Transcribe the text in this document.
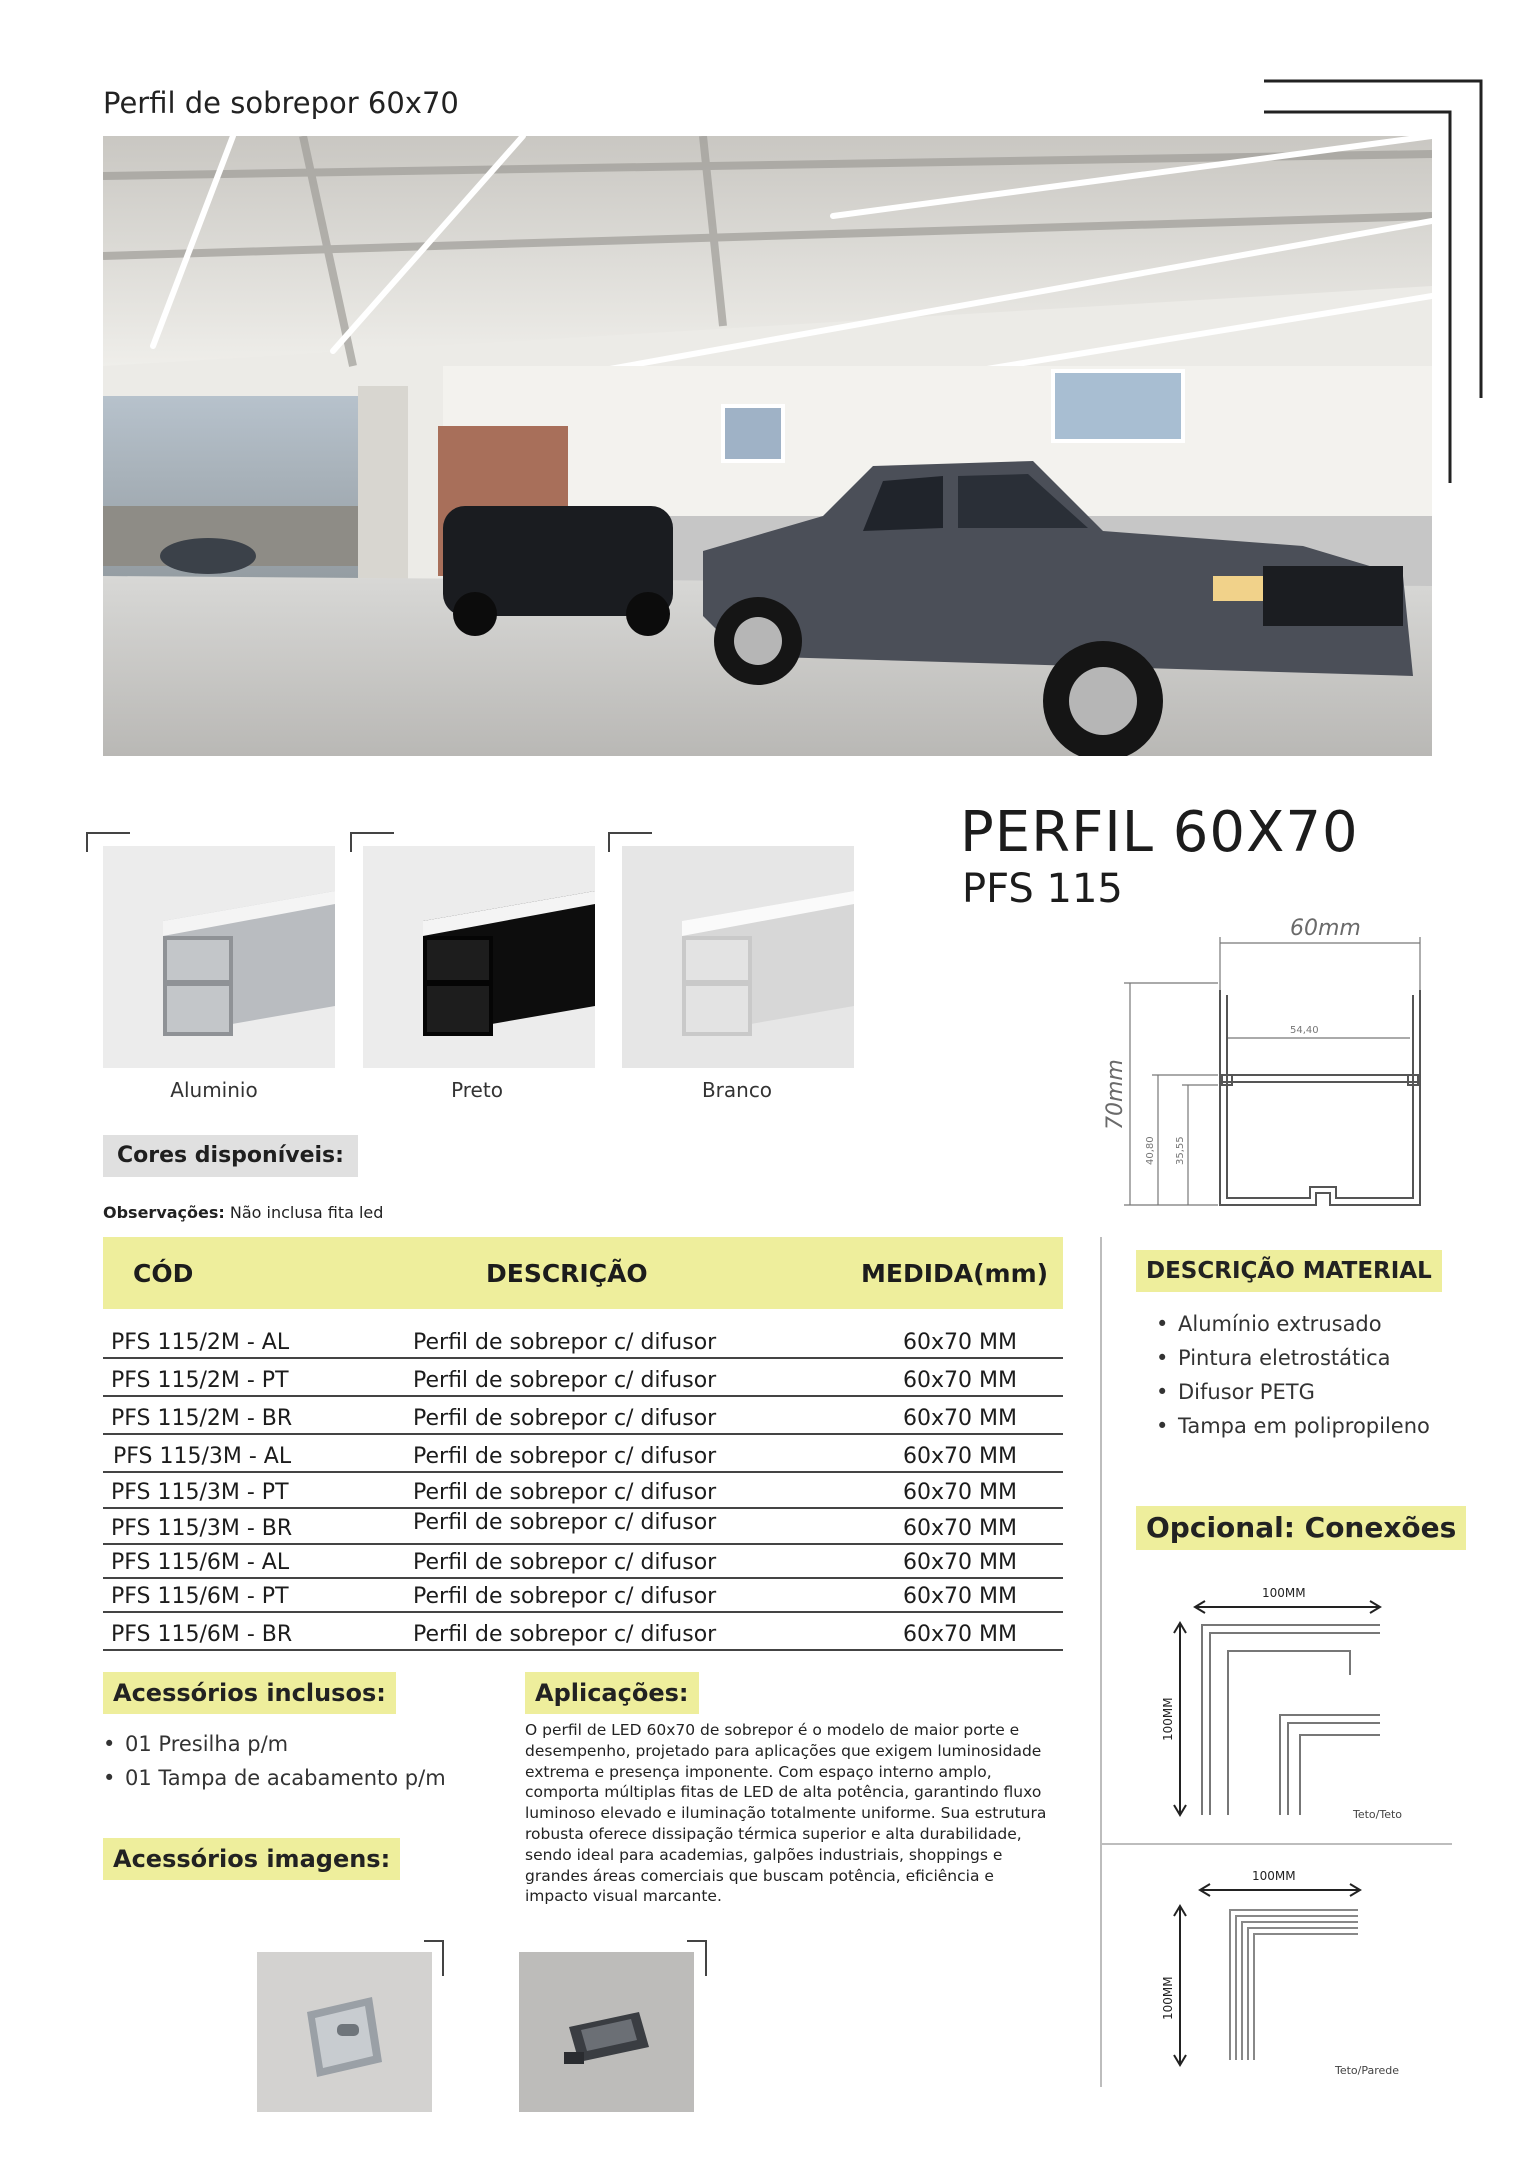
Perfil de sobrepor 60x70
Aluminio	Preto	Branco
Cores disponíveis:
Observações: Não inclusa fita led
PERFIL 60X70
PFS 115
60mm
54,40
70mm
40,80 35,55
CÓD	DESCRIÇÃO	MEDIDA(mm)
PFS 115/2M - AL	Perfil de sobrepor c/ difusor	60x70 MM
PFS 115/2M - PT	Perfil de sobrepor c/ difusor	60x70 MM
PFS 115/2M - BR	Perfil de sobrepor c/ difusor	60x70 MM
PFS 115/3M - AL	Perfil de sobrepor c/ difusor	60x70 MM
PFS 115/3M - PT	Perfil de sobrepor c/ difusor	60x70 MM
PFS 115/3M - BR	Perfil de sobrepor c/ difusor	60x70 MM
PFS 115/6M - AL	Perfil de sobrepor c/ difusor	60x70 MM
PFS 115/6M - PT	Perfil de sobrepor c/ difusor	60x70 MM
PFS 115/6M - BR	Perfil de sobrepor c/ difusor	60x70 MM
DESCRIÇÃO MATERIAL
• Alumínio extrusado
• Pintura eletrostática
• Difusor PETG
• Tampa em polipropileno
Opcional: Conexões
100MM
100MM
Teto/Teto
100MM
100MM
Teto/Parede
Acessórios inclusos:
• 01 Presilha p/m
• 01 Tampa de acabamento p/m
Aplicações:
O perfil de LED 60x70 de sobrepor é o modelo de maior porte e desempenho, projetado para aplicações que exigem luminosidade extrema e presença imponente. Com espaço interno amplo, comporta múltiplas fitas de LED de alta potência, garantindo fluxo luminoso elevado e iluminação totalmente uniforme. Sua estrutura robusta oferece dissipação térmica superior e alta durabilidade, sendo ideal para academias, galpões industriais, shoppings e grandes áreas comerciais que buscam potência, eficiência e impacto visual marcante.
Acessórios imagens:
